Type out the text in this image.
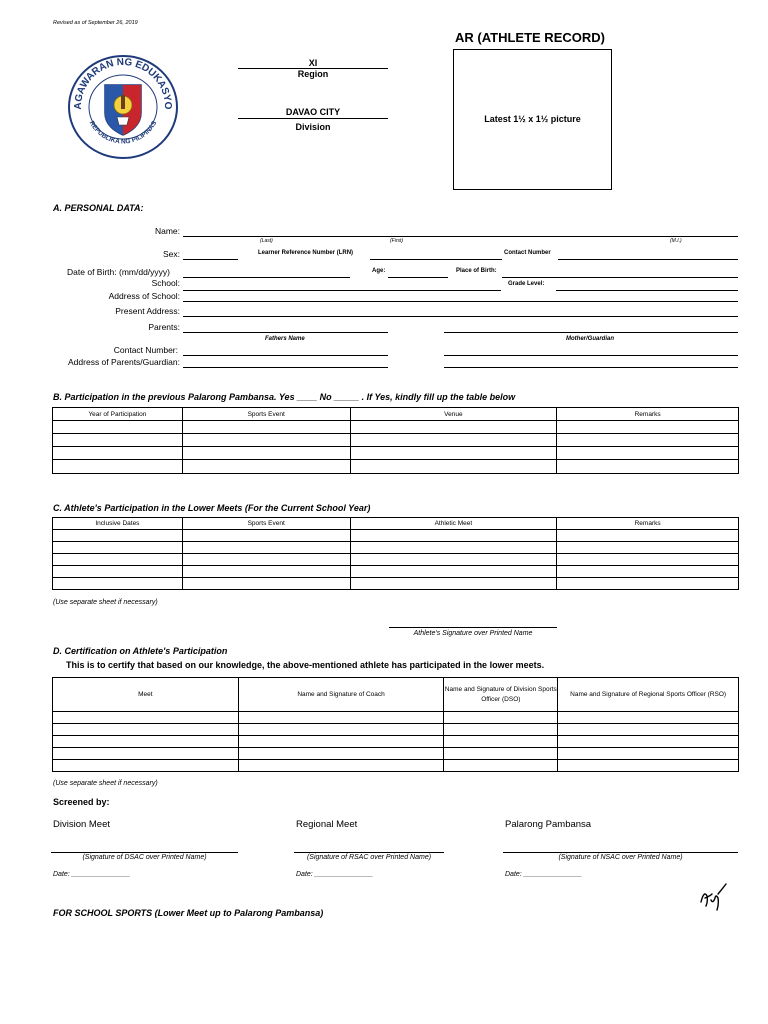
Revised as of September 26, 2019
AR (ATHLETE RECORD)
AGAWARAN NG EDUKASYO
REPUBLIKA NG PILIPINAS
XI
Region
DAVAO CITY
Division
Latest 1½ x 1½ picture
A. PERSONAL DATA:
Name:
(Last)	(First)	(M.I.)
Sex:	Learner Reference Number (LRN)	Contact Number
Date of Birth: (mm/dd/yyyy)	Age:	Place of Birth:
School:	Grade Level:
Address of School:
Present Address:
Parents:
Fathers Name	Mother/Guardian
Contact Number:
Address of Parents/Guardian:
B. Participation in the previous Palarong Pambansa. Yes ____ No _____ . If Yes, kindly fill up the table below
Year of Participation	Sports Event	Venue	Remarks

C. Athlete's Participation in the Lower Meets (For the Current School Year)
Inclusive Dates	Sports Event	Athletic Meet	Remarks

(Use separate sheet if necessary)
Athlete's Signature over Printed Name
D. Certification on Athlete's Participation
This is to certify that based on our knowledge, the above-mentioned athlete has participated in the lower meets.
Meet	Name and Signature of Coach	Name and Signature of Division Sports Officer (DSO)	Name and Signature of Regional Sports Officer (RSO)

(Use separate sheet if necessary)
Screened by:
Division Meet
(Signature of DSAC over Printed Name)
Date: _______________
Regional Meet
(Signature of RSAC over Printed Name)
Date: _______________
Palarong Pambansa
(Signature of NSAC over Printed Name)
Date: _______________
FOR SCHOOL SPORTS (Lower Meet up to Palarong Pambansa)
